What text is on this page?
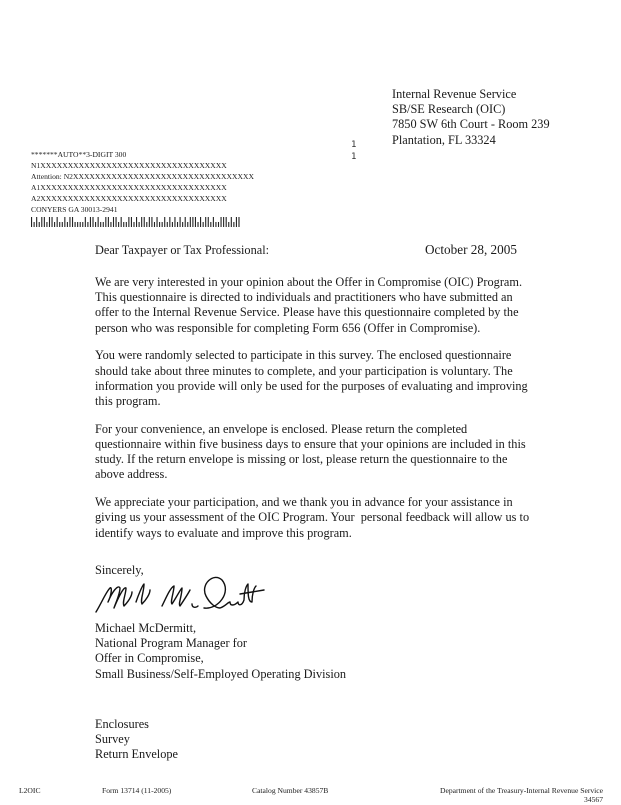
Internal Revenue Service
SB/SE Research (OIC)
7850 SW 6th Court - Room 239
Plantation, FL 33324
1
1
*******AUTO**3-DIGIT 300
N1XXXXXXXXXXXXXXXXXXXXXXXXXXXXXXXXXX
Attention: N2XXXXXXXXXXXXXXXXXXXXXXXXXXXXXXXXX
A1XXXXXXXXXXXXXXXXXXXXXXXXXXXXXXXXXX
A2XXXXXXXXXXXXXXXXXXXXXXXXXXXXXXXXXX
CONYERS GA 30013-2941
Dear Taxpayer or Tax Professional:	October 28, 2005

We are very interested in your opinion about the Offer in Compromise (OIC) Program. This questionnaire is directed to individuals and practitioners who have submitted an offer to the Internal Revenue Service. Please have this questionnaire completed by the person who was responsible for completing Form 656 (Offer in Compromise).

You were randomly selected to participate in this survey. The enclosed questionnaire should take about three minutes to complete, and your participation is voluntary. The information you provide will only be used for the purposes of evaluating and improving this program.

For your convenience, an envelope is enclosed. Please return the completed questionnaire within five business days to ensure that your opinions are included in this study. If the return envelope is missing or lost, please return the questionnaire to the above address.

We appreciate your participation, and we thank you in advance for your assistance in giving us your assessment of the OIC Program. Your  personal feedback will allow us to identify ways to evaluate and improve this program.

Sincerely,
Michael McDermitt,
National Program Manager for
Offer in Compromise,
Small Business/Self-Employed Operating Division
Enclosures
Survey
Return Envelope
L2OIC	Form 13714 (11-2005)	Catalog Number 43857B	Department of the Treasury-Internal Revenue Service
34567
